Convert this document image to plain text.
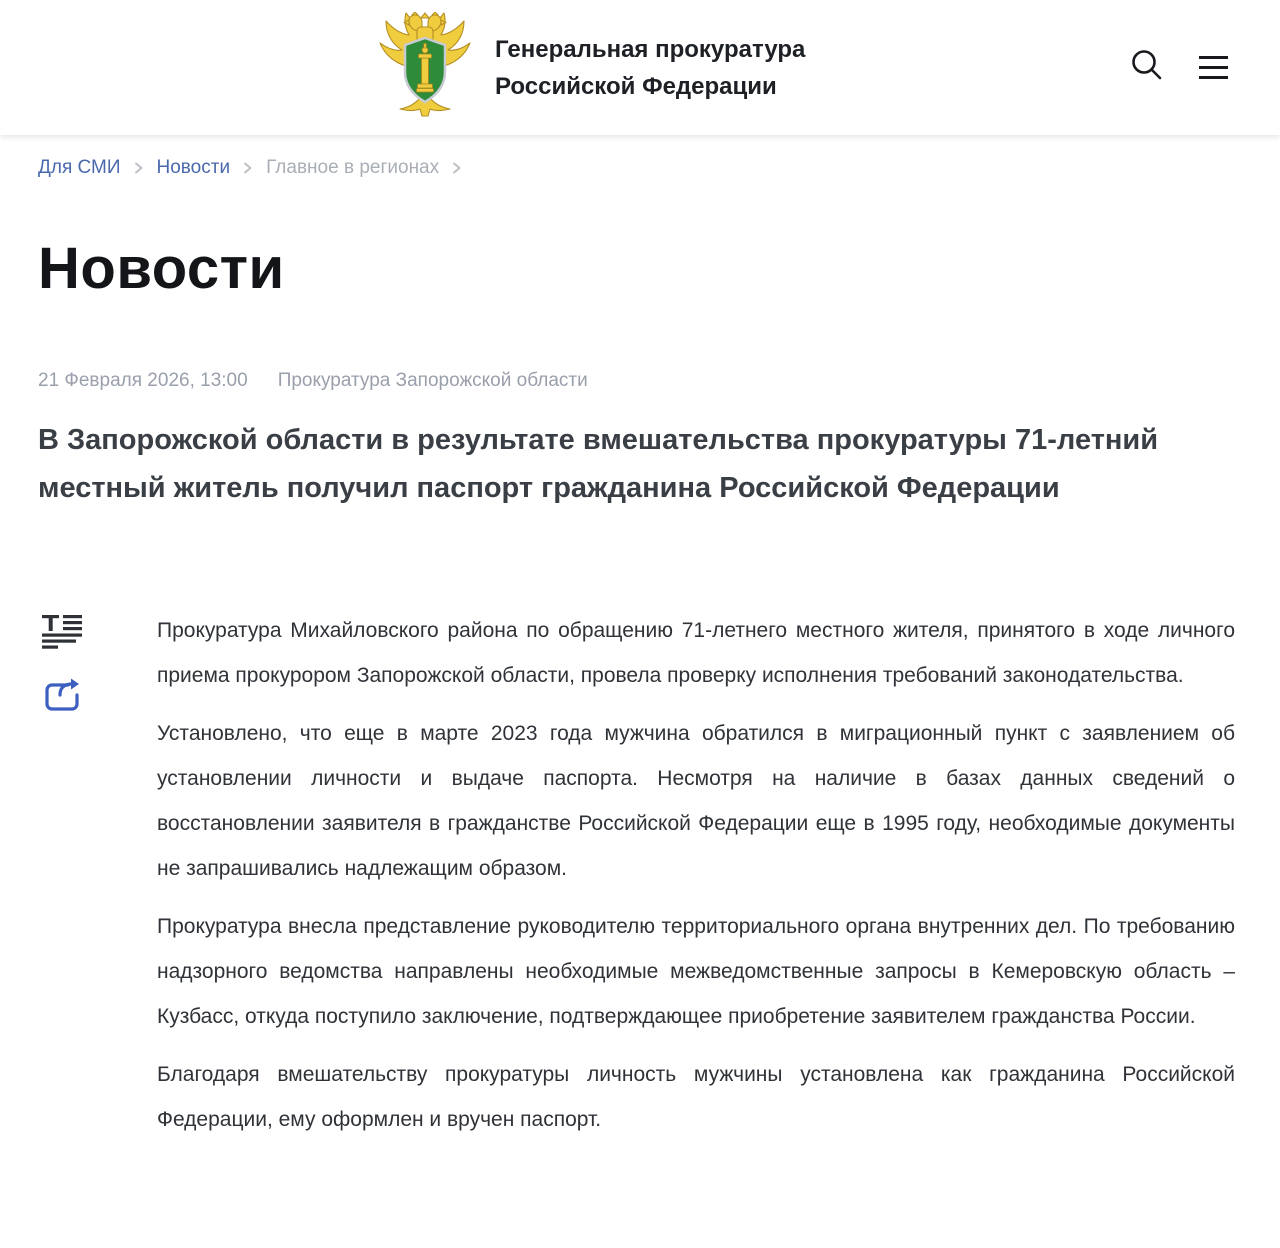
Генеральная прокуратура
Российской Федерации
Для СМИ Новости Главное в регионах
Новости
21 Февраля 2026, 13:00 Прокуратура Запорожской области
В Запорожской области в результате вмешательства прокуратуры 71-летний местный житель получил паспорт гражданина Российской Федерации

Прокуратура Михайловского района по обращению 71-летнего местного жителя, принятого в ходе личного приема прокурором Запорожской области, провела проверку исполнения требований законодательства.

Установлено, что еще в марте 2023 года мужчина обратился в миграционный пункт с заявлением об установлении личности и выдаче паспорта. Несмотря на наличие в базах данных сведений о восстановлении заявителя в гражданстве Российской Федерации еще в 1995 году, необходимые документы не запрашивались надлежащим образом.

Прокуратура внесла представление руководителю территориального органа внутренних дел. По требованию надзорного ведомства направлены необходимые межведомственные запросы в Кемеровскую область – Кузбасс, откуда поступило заключение, подтверждающее приобретение заявителем гражданства России.

Благодаря вмешательству прокуратуры личность мужчины установлена как гражданина Российской Федерации, ему оформлен и вручен паспорт.
